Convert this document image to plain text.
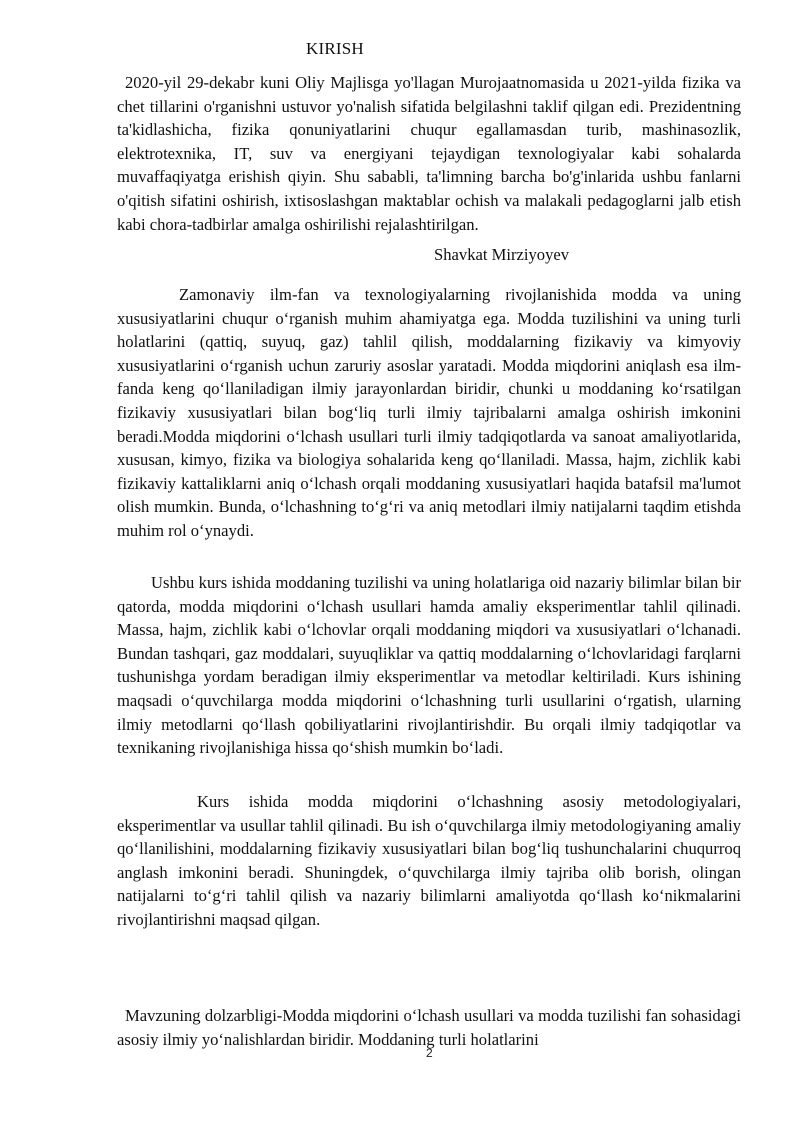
KIRISH

2020-yil 29-dekabr kuni Oliy Majlisga yo'llagan Murojaatnomasida u 2021-yilda fizika va chet tillarini o'rganishni ustuvor yo'nalish sifatida belgilashni taklif qilgan edi. Prezidentning ta'kidlashicha, fizika qonuniyatlarini chuqur egallamasdan turib, mashinasozlik, elektrotexnika, IT, suv va energiyani tejaydigan texnologiyalar kabi sohalarda muvaffaqiyatga erishish qiyin. Shu sababli, ta'limning barcha bo'g'inlarida ushbu fanlarni o'qitish sifatini oshirish, ixtisoslashgan maktablar ochish va malakali pedagoglarni jalb etish kabi chora-tadbirlar amalga oshirilishi rejalashtirilgan.

Shavkat Mirziyoyev

Zamonaviy ilm-fan va texnologiyalarning rivojlanishida modda va uning xususiyatlarini chuqur o‘rganish muhim ahamiyatga ega. Modda tuzilishini va uning turli holatlarini (qattiq, suyuq, gaz) tahlil qilish, moddalarning fizikaviy va kimyoviy xususiyatlarini o‘rganish uchun zaruriy asoslar yaratadi. Modda miqdorini aniqlash esa ilm-fanda keng qo‘llaniladigan ilmiy jarayonlardan biridir, chunki u moddaning ko‘rsatilgan fizikaviy xususiyatlari bilan bog‘liq turli ilmiy tajribalarni amalga oshirish imkonini beradi.Modda miqdorini o‘lchash usullari turli ilmiy tadqiqotlarda va sanoat amaliyotlarida, xususan, kimyo, fizika va biologiya sohalarida keng qo‘llaniladi. Massa, hajm, zichlik kabi fizikaviy kattaliklarni aniq o‘lchash orqali moddaning xususiyatlari haqida batafsil ma'lumot olish mumkin. Bunda, o‘lchashning to‘g‘ri va aniq metodlari ilmiy natijalarni taqdim etishda muhim rol o‘ynaydi.

Ushbu kurs ishida moddaning tuzilishi va uning holatlariga oid nazariy bilimlar bilan bir qatorda, modda miqdorini o‘lchash usullari hamda amaliy eksperimentlar tahlil qilinadi. Massa, hajm, zichlik kabi o‘lchovlar orqali moddaning miqdori va xususiyatlari o‘lchanadi. Bundan tashqari, gaz moddalari, suyuqliklar va qattiq moddalarning o‘lchovlaridagi farqlarni tushunishga yordam beradigan ilmiy eksperimentlar va metodlar keltiriladi. Kurs ishining maqsadi o‘quvchilarga modda miqdorini o‘lchashning turli usullarini o‘rgatish, ularning ilmiy metodlarni qo‘llash qobiliyatlarini rivojlantirishdir. Bu orqali ilmiy tadqiqotlar va texnikaning rivojlanishiga hissa qo‘shish mumkin bo‘ladi.

Kurs ishida modda miqdorini o‘lchashning asosiy metodologiyalari, eksperimentlar va usullar tahlil qilinadi. Bu ish o‘quvchilarga ilmiy metodologiyaning amaliy qo‘llanilishini, moddalarning fizikaviy xususiyatlari bilan bog‘liq tushunchalarini chuqurroq anglash imkonini beradi. Shuningdek, o‘quvchilarga ilmiy tajriba olib borish, olingan natijalarni to‘g‘ri tahlil qilish va nazariy bilimlarni amaliyotda qo‘llash ko‘nikmalarini rivojlantirishni maqsad qilgan.

Mavzuning dolzarbligi-Modda miqdorini o‘lchash usullari va modda tuzilishi fan sohasidagi asosiy ilmiy yo‘nalishlardan biridir. Moddaning turli holatlarini

2
